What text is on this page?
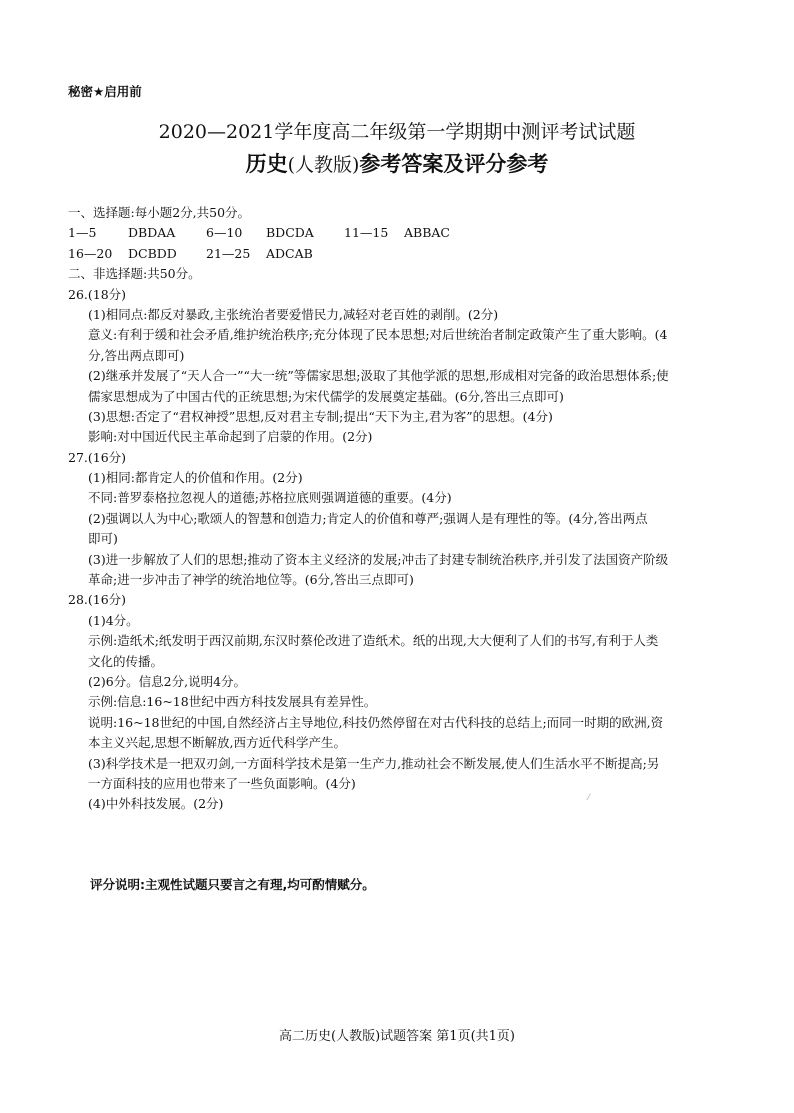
秘密★启用前
2020—2021学年度高二年级第一学期期中测评考试试题
历史(人教版)参考答案及评分参考
一、选择题:每小题2分,共50分。
1—5	DBDAA 6—10 BDCDA 11—15 ABBAC
16—20 DCBDD 21—25 ADCAB
二、非选择题:共50分。
26.(18分)
(1)相同点:都反对暴政,主张统治者要爱惜民力,减轻对老百姓的剥削。(2分)
意义:有利于缓和社会矛盾,维护统治秩序;充分体现了民本思想;对后世统治者制定政策产生了重大影响。(4
分,答出两点即可)
(2)继承并发展了“天人合一”“大一统”等儒家思想;汲取了其他学派的思想,形成相对完备的政治思想体系;使
儒家思想成为了中国古代的正统思想;为宋代儒学的发展奠定基础。(6分,答出三点即可)
(3)思想:否定了“君权神授”思想,反对君主专制;提出“天下为主,君为客”的思想。(4分)
影响:对中国近代民主革命起到了启蒙的作用。(2分)
27.(16分)
(1)相同:都肯定人的价值和作用。(2分)
不同:普罗泰格拉忽视人的道德;苏格拉底则强调道德的重要。(4分)
(2)强调以人为中心;歌颂人的智慧和创造力;肯定人的价值和尊严;强调人是有理性的等。(4分,答出两点
即可)
(3)进一步解放了人们的思想;推动了资本主义经济的发展;冲击了封建专制统治秩序,并引发了法国资产阶级
革命;进一步冲击了神学的统治地位等。(6分,答出三点即可)
28.(16分)
(1)4分。
示例:造纸术;纸发明于西汉前期,东汉时蔡伦改进了造纸术。纸的出现,大大便利了人们的书写,有利于人类
文化的传播。
(2)6分。信息2分,说明4分。
示例:信息:16~18世纪中西方科技发展具有差异性。
说明:16~18世纪的中国,自然经济占主导地位,科技仍然停留在对古代科技的总结上;而同一时期的欧洲,资
本主义兴起,思想不断解放,西方近代科学产生。
(3)科学技术是一把双刃剑,一方面科学技术是第一生产力,推动社会不断发展,使人们生活水平不断提高;另
一方面科技的应用也带来了一些负面影响。(4分)
(4)中外科技发展。(2分)	⁄
评分说明:主观性试题只要言之有理,均可酌情赋分。
高二历史(人教版)试题答案 第1页(共1页)
